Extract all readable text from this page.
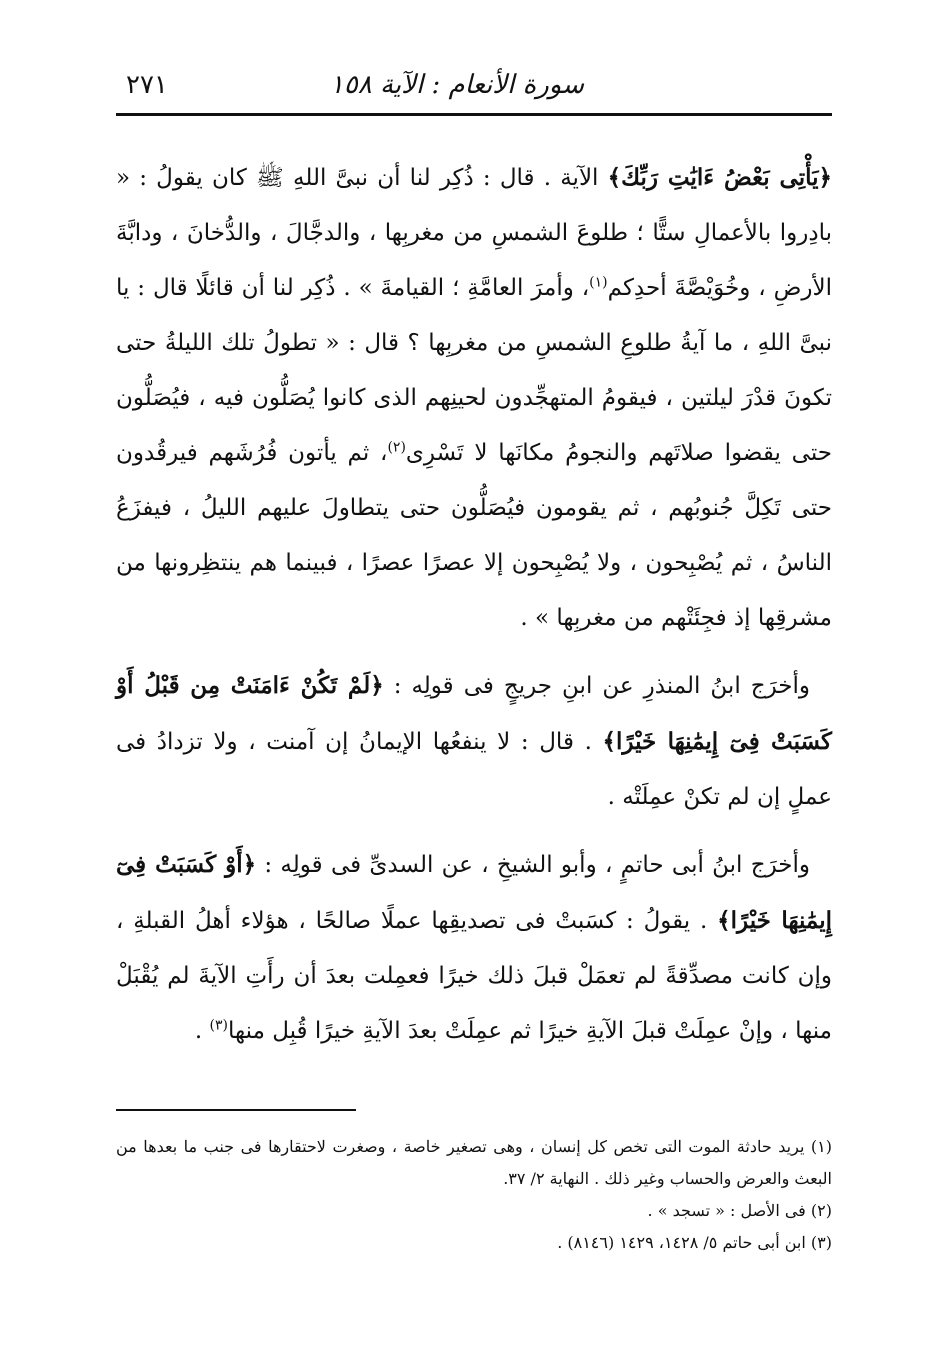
سورة الأنعام : الآية ١٥٨
٢٧١

﴿يَأْتِى بَعْضُ ءَايَٰتِ رَبِّكَ﴾ الآية . قال : ذُكِر لنا أن نبىَّ اللهِ ﷺ كان يقولُ : « بادِروا بالأعمالِ ستًّا ؛ طلوعَ الشمسِ من مغربِها ، والدجَّالَ ، والدُّخانَ ، ودابَّةَ الأرضِ ، وخُوَيْصَّةَ أحدِكم$^{(١)}$، وأمرَ العامَّةِ ؛ القيامةَ » . ذُكِر لنا أن قائلًا قال : يا نبىَّ اللهِ ، ما آيةُ طلوعِ الشمسِ من مغربِها ؟ قال : « تطولُ تلك الليلةُ حتى تكونَ قدْرَ ليلتين ، فيقومُ المتهجِّدون لحينِهم الذى كانوا يُصَلُّون فيه ، فيُصَلُّون حتى يقضوا صلاتَهم والنجومُ مكانَها لا تَسْرِى$^{(٢)}$، ثم يأتون فُرُشَهم فيرقُدون حتى تَكِلَّ جُنوبُهم ، ثم يقومون فيُصَلُّون حتى يتطاولَ عليهم الليلُ ، فيفزَعُ الناسُ ، ثم يُصْبِحون ، ولا يُصْبِحون إلا عصرًا عصرًا ، فبينما هم ينتظِرونها من مشرقِها إذ فجِئَتْهم من مغربِها » .

وأخرَج ابنُ المنذرِ عن ابنِ جريجٍ فى قولِه : ﴿لَمْ تَكُنْ ءَامَنَتْ مِن قَبْلُ أَوْ كَسَبَتْ فِىٓ إِيمَٰنِهَا خَيْرًا﴾ . قال : لا ينفعُها الإيمانُ إن آمنت ، ولا تزدادُ فى عملٍ إن لم تكنْ عمِلَتْه .

وأخرَج ابنُ أبى حاتمٍ ، وأبو الشيخِ ، عن السدىِّ فى قولِه : ﴿أَوْ كَسَبَتْ فِىٓ إِيمَٰنِهَا خَيْرًا﴾ . يقولُ : كسَبتْ فى تصديقِها عملًا صالحًا ، هؤلاء أهلُ القبلةِ ، وإن كانت مصدِّقةً لم تعمَلْ قبلَ ذلك خيرًا فعمِلت بعدَ أن رأَتِ الآيةَ لم يُقْبَلْ منها ، وإنْ عمِلَتْ قبلَ الآيةِ خيرًا ثم عمِلَتْ بعدَ الآيةِ خيرًا قُبِل منها$^{(٣)}$ .

(١) يريد حادثة الموت التى تخص كل إنسان ، وهى تصغير خاصة ، وصغرت لاحتقارها فى جنب ما بعدها من البعث والعرض والحساب وغير ذلك . النهاية ٢/ ٣٧.

(٢) فى الأصل : « تسجد » .

(٣) ابن أبى حاتم ٥/ ١٤٢٨، ١٤٢٩ (٨١٤٦) .
